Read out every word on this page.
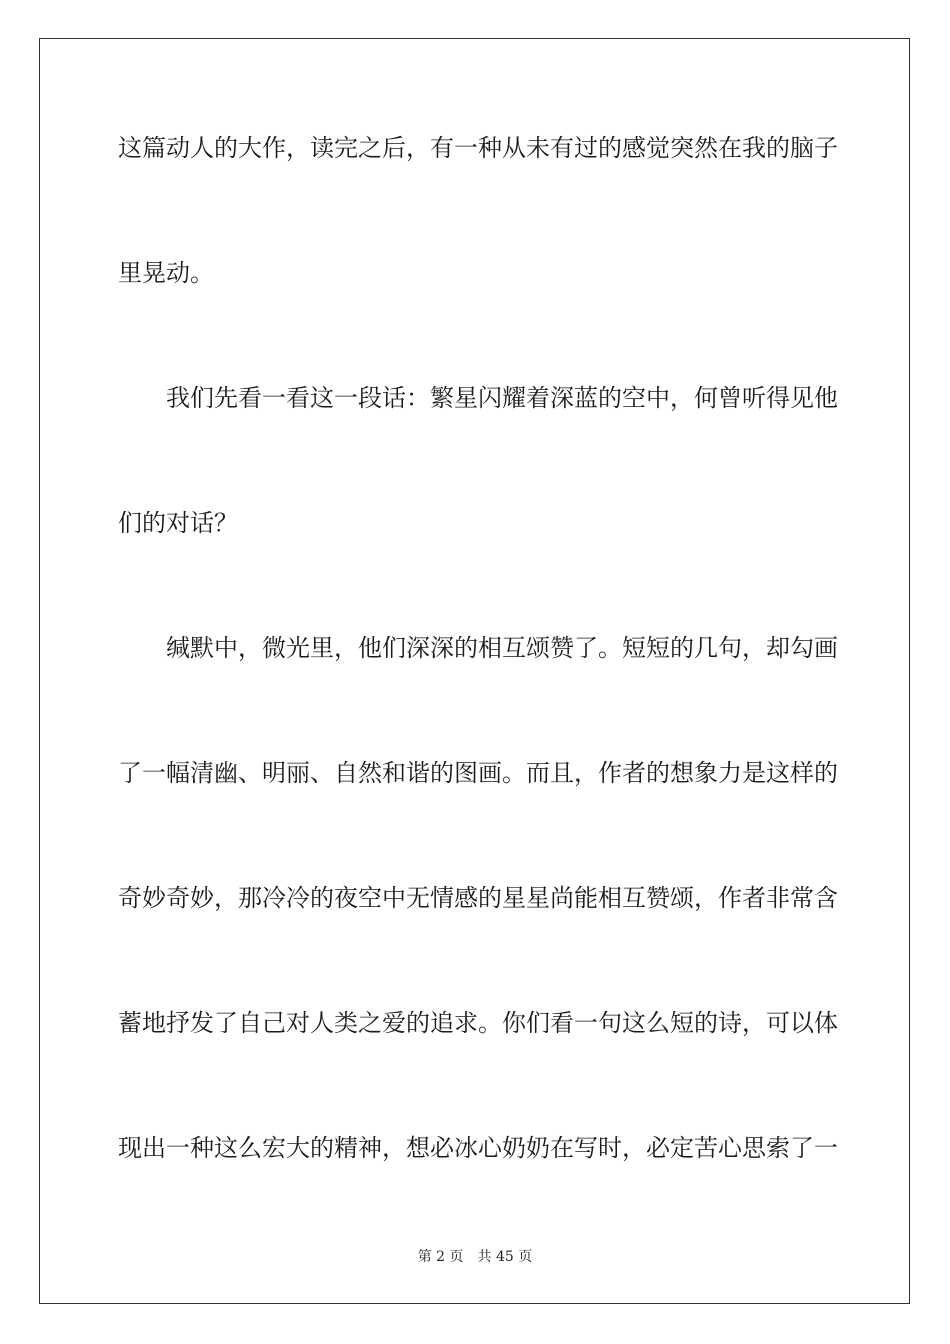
这篇动人的大作，读完之后，有一种从未有过的感觉突然在我的脑子
里晃动。
我们先看一看这一段话：繁星闪耀着深蓝的空中，何曾听得见他
们的对话？
缄默中，微光里，他们深深的相互颂赞了。短短的几句，却勾画
了一幅清幽、明丽、自然和谐的图画。而且，作者的想象力是这样的
奇妙奇妙，那冷冷的夜空中无情感的星星尚能相互赞颂，作者非常含
蓄地抒发了自己对人类之爱的追求。你们看一句这么短的诗，可以体
现出一种这么宏大的精神，想必冰心奶奶在写时，必定苦心思索了一
第 2 页 共 45 页
